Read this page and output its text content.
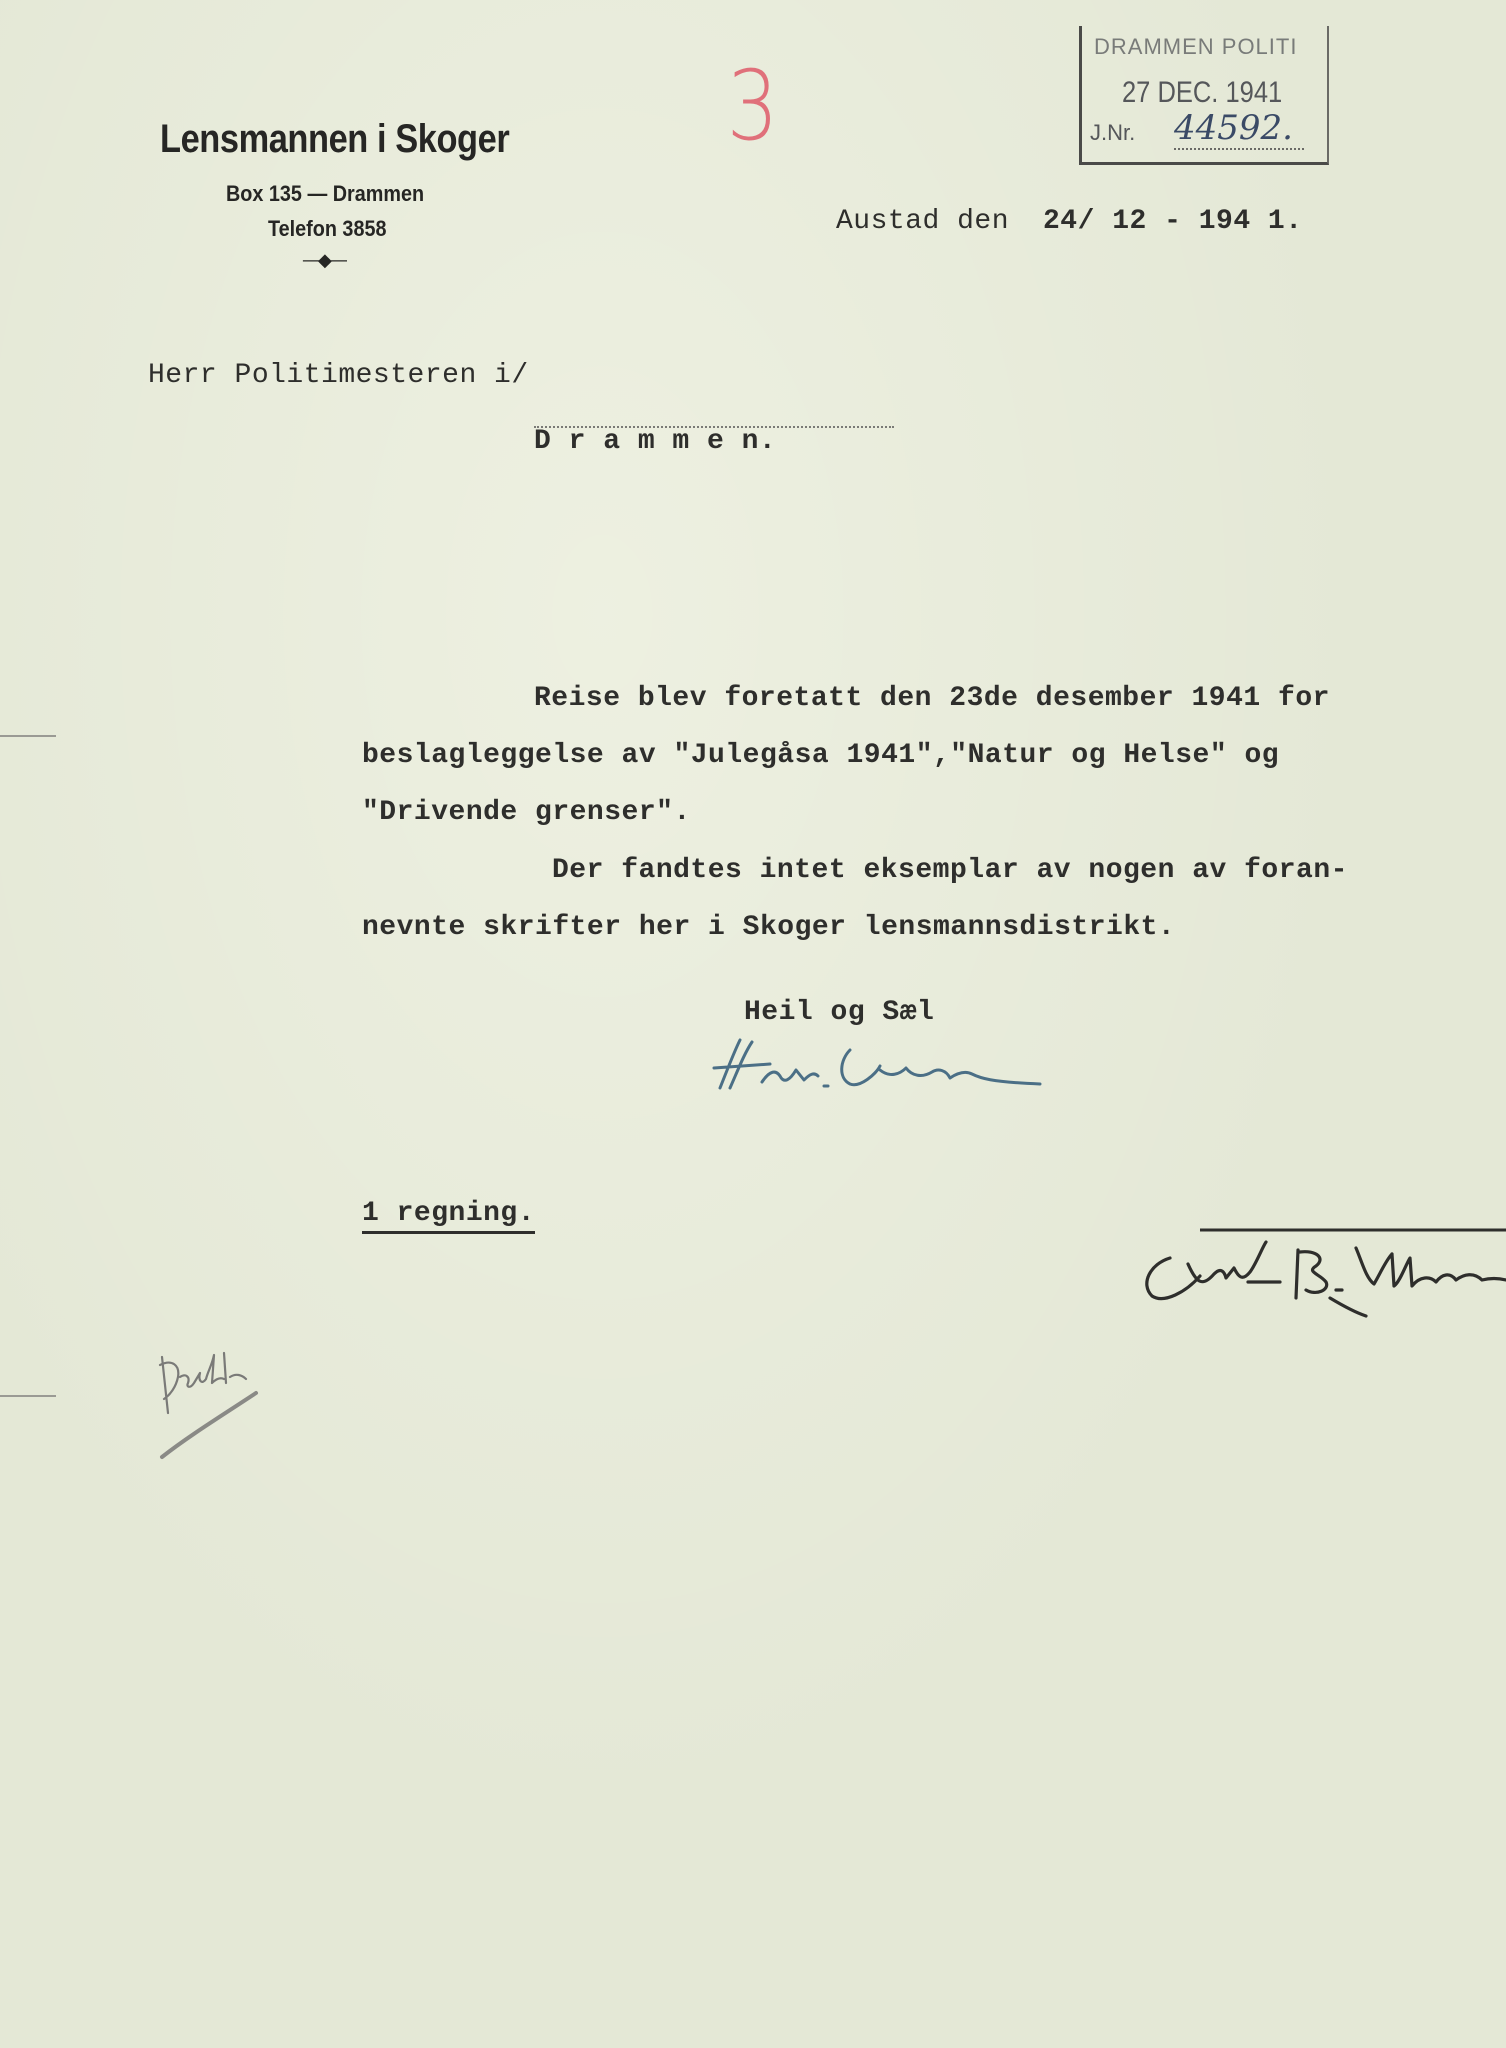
Lensmannen i Skoger
Box 135 — Drammen
Telefon 3858
—◆—
3
DRAMMEN POLITI
27 DEC. 1941
J.Nr. 44592.
Austad den 24/ 12 - 194 1.
Herr Politimesteren i/
D r a m m e n.
Reise blev foretatt den 23de desember 1941 for
beslagleggelse av "Julegåsa 1941","Natur og Helse" og
"Drivende grenser".
Der fandtes intet eksemplar av nogen av foran-
nevnte skrifter her i Skoger lensmannsdistrikt.
Heil og Sæl
1 regning.
